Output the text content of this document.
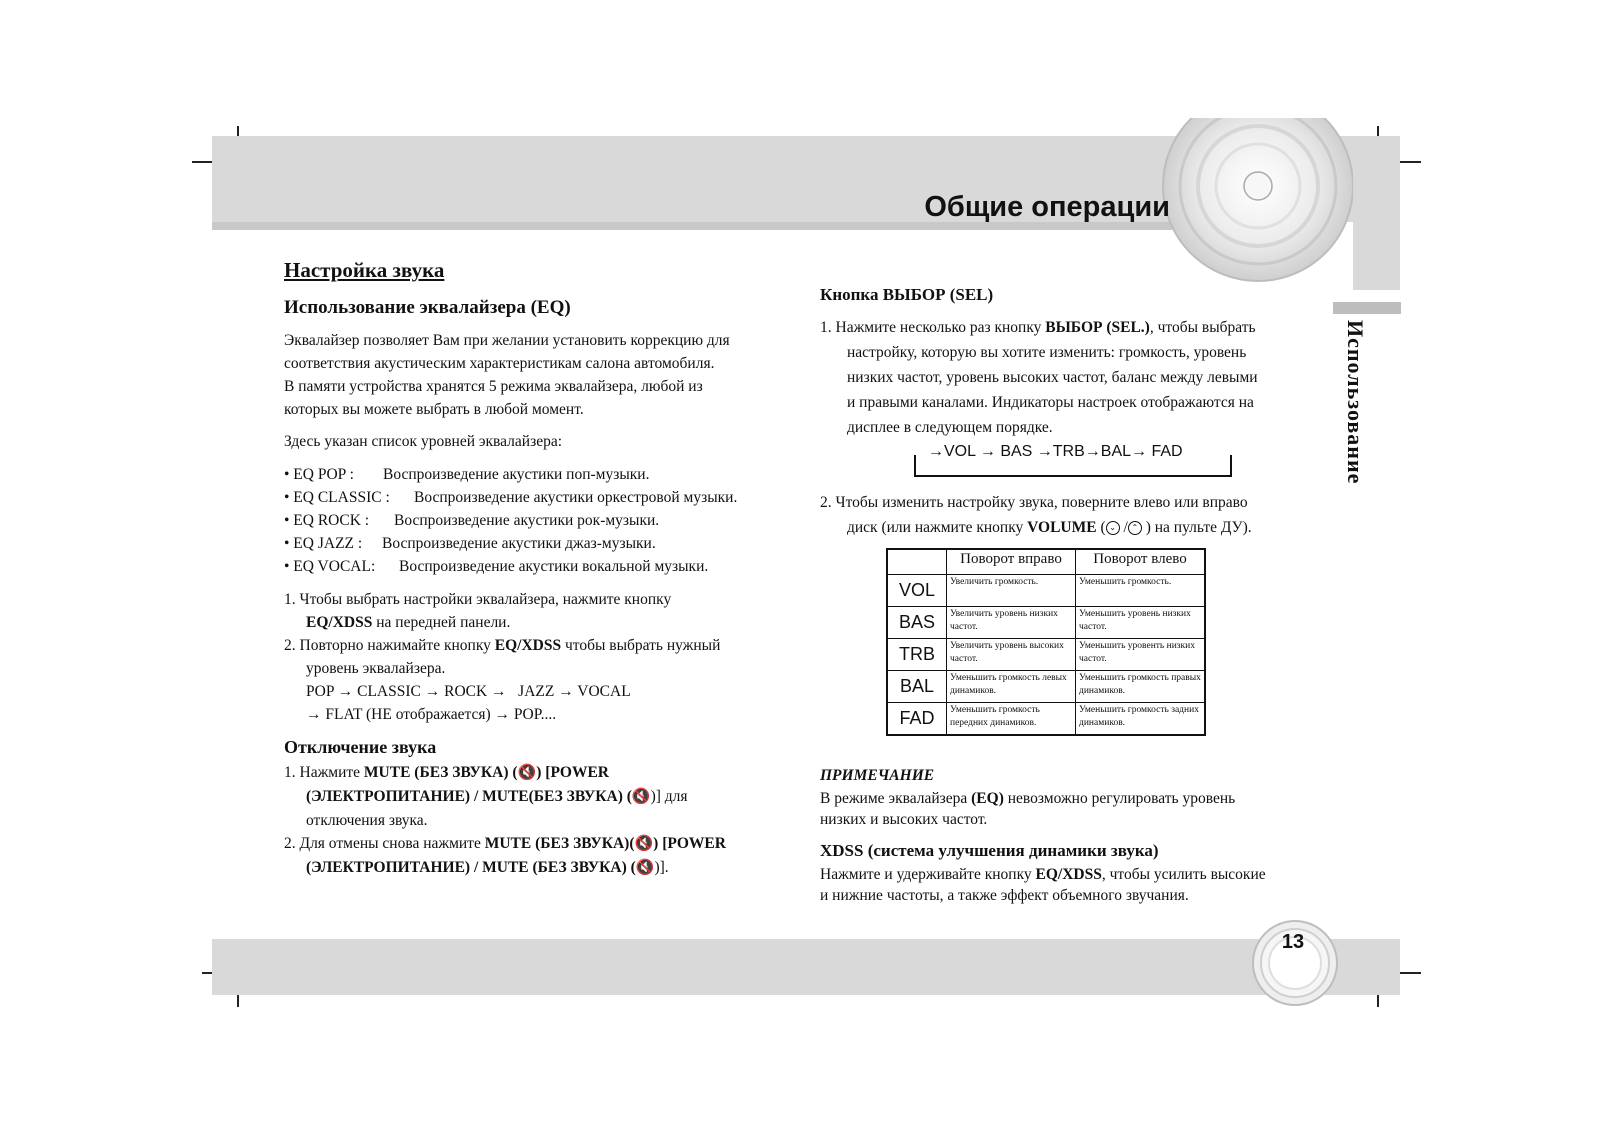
Общие операции
Использование

Настройка звука

Использование эквалайзера (EQ)

Эквалайзер позволяет Вам при желании установить коррекцию для

соответствия акустическим характеристикам салона автомобиля.

В памяти устройства хранятся 5 режима эквалайзера, любой из

которых вы можете выбрать в любой момент.

Здесь указан список уровней эквалайзера:

• EQ POP :	Воспроизведение акустики поп-музыки.
• EQ CLASSIC :	Воспроизведение акустики оркестровой музыки.
• EQ ROCK :	Воспроизведение акустики рок-музыки.
• EQ JAZZ :	Воспроизведение акустики джаз-музыки.
• EQ VOCAL:	Воспроизведение акустики вокальной музыки.

1. Чтобы выбрать настройки эквалайзера, нажмите кнопку

EQ/XDSS на передней панели.

2. Повторно нажимайте кнопку EQ/XDSS чтобы выбрать нужный

уровень эквалайзера.

POP → CLASSIC → ROCK →   JAZZ → VOCAL

→ FLAT (НЕ отображается) → POP....

Отключение звука

1. Нажмите MUTE (БЕЗ ЗВУКА) (🔇) [POWER

(ЭЛЕКТРОПИТАНИЕ) / MUTE(БЕЗ ЗВУКА) (🔇)] для

отключения звука.

2. Для отмены снова нажмите MUTE (БЕЗ ЗВУКА)(🔇) [POWER

(ЭЛЕКТРОПИТАНИЕ) / MUTE (БЕЗ ЗВУКА) (🔇)].

Кнопка ВЫБОР (SEL)

1. Нажмите несколько раз кнопку ВЫБОР (SEL.), чтобы выбрать

настройку, которую вы хотите изменить: громкость, уровень

низких частот, уровень высоких частот, баланс между левыми

и правыми каналами. Индикаторы настроек отображаются на

дисплее в следующем порядке.

→VOL → BAS →TRB→BAL→ FAD

2. Чтобы изменить настройку звука, поверните влево или вправо

диск (или нажмите кнопку VOLUME ( ⌄ / ⌃ ) на пульте ДУ).

	Поворот вправо	Поворот влево
VOL	Увеличить громкость.	Уменьшить громкость.
BAS	Увеличить уровень низких частот.	Уменьшить уровень низких частот.
TRB	Увеличить уровень высоких частот.	Уменьшить уровенть низких частот.
BAL	Уменьшить громкость левых динамиков.	Уменьшить громкость правых динамиков.
FAD	Уменьшить громкость передних динамиков.	Уменьшить громкость задних динамиков.

ПРИМЕЧАНИЕ

В режиме эквалайзера (EQ) невозможно регулировать уровень

низких и высоких частот.

XDSS (система улучшения динамики звука)

Нажмите и удерживайте кнопку EQ/XDSS, чтобы усилить высокие

и нижние частоты, а также эффект объемного звучания.

13
